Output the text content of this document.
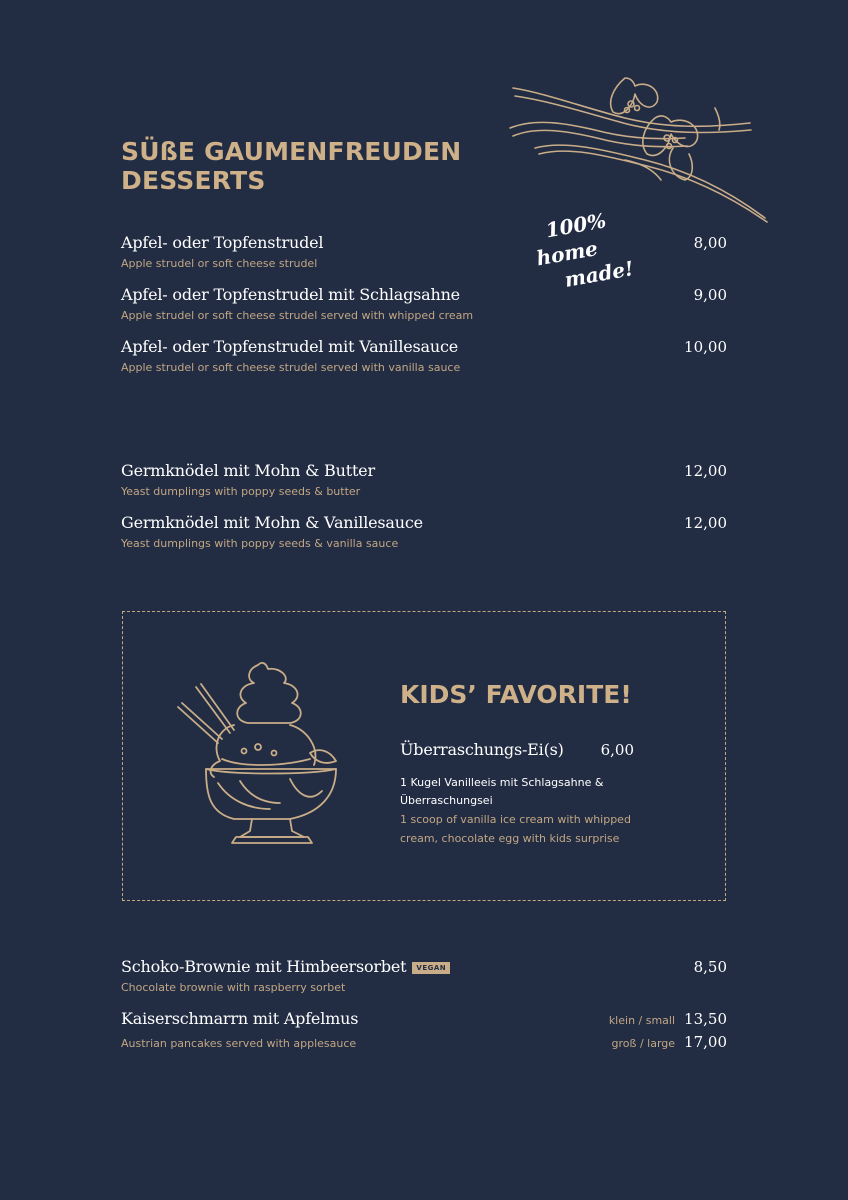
SÜßE GAUMENFREUDEN
DESSERTS
100%
home
made!
Apfel- oder Topfenstrudel	8,00
Apple strudel or soft cheese strudel
Apfel- oder Topfenstrudel mit Schlagsahne	9,00
Apple strudel or soft cheese strudel served with whipped cream
Apfel- oder Topfenstrudel mit Vanillesauce	10,00
Apple strudel or soft cheese strudel served with vanilla sauce
Germknödel mit Mohn & Butter	12,00
Yeast dumplings with poppy seeds & butter
Germknödel mit Mohn & Vanillesauce	12,00
Yeast dumplings with poppy seeds & vanilla sauce
KIDS’ FAVORITE!
Überraschungs-Ei(s) 6,00
1 Kugel Vanilleeis mit Schlagsahne & Überraschungsei
1 scoop of vanilla ice cream with whipped cream, chocolate egg with kids surprise
Schoko-Brownie mit Himbeersorbet VEGAN	8,50
Chocolate brownie with raspberry sorbet
Kaiserschmarrn mit Apfelmus	klein / small 13,50
Austrian pancakes served with applesauce	groß / large 17,00
